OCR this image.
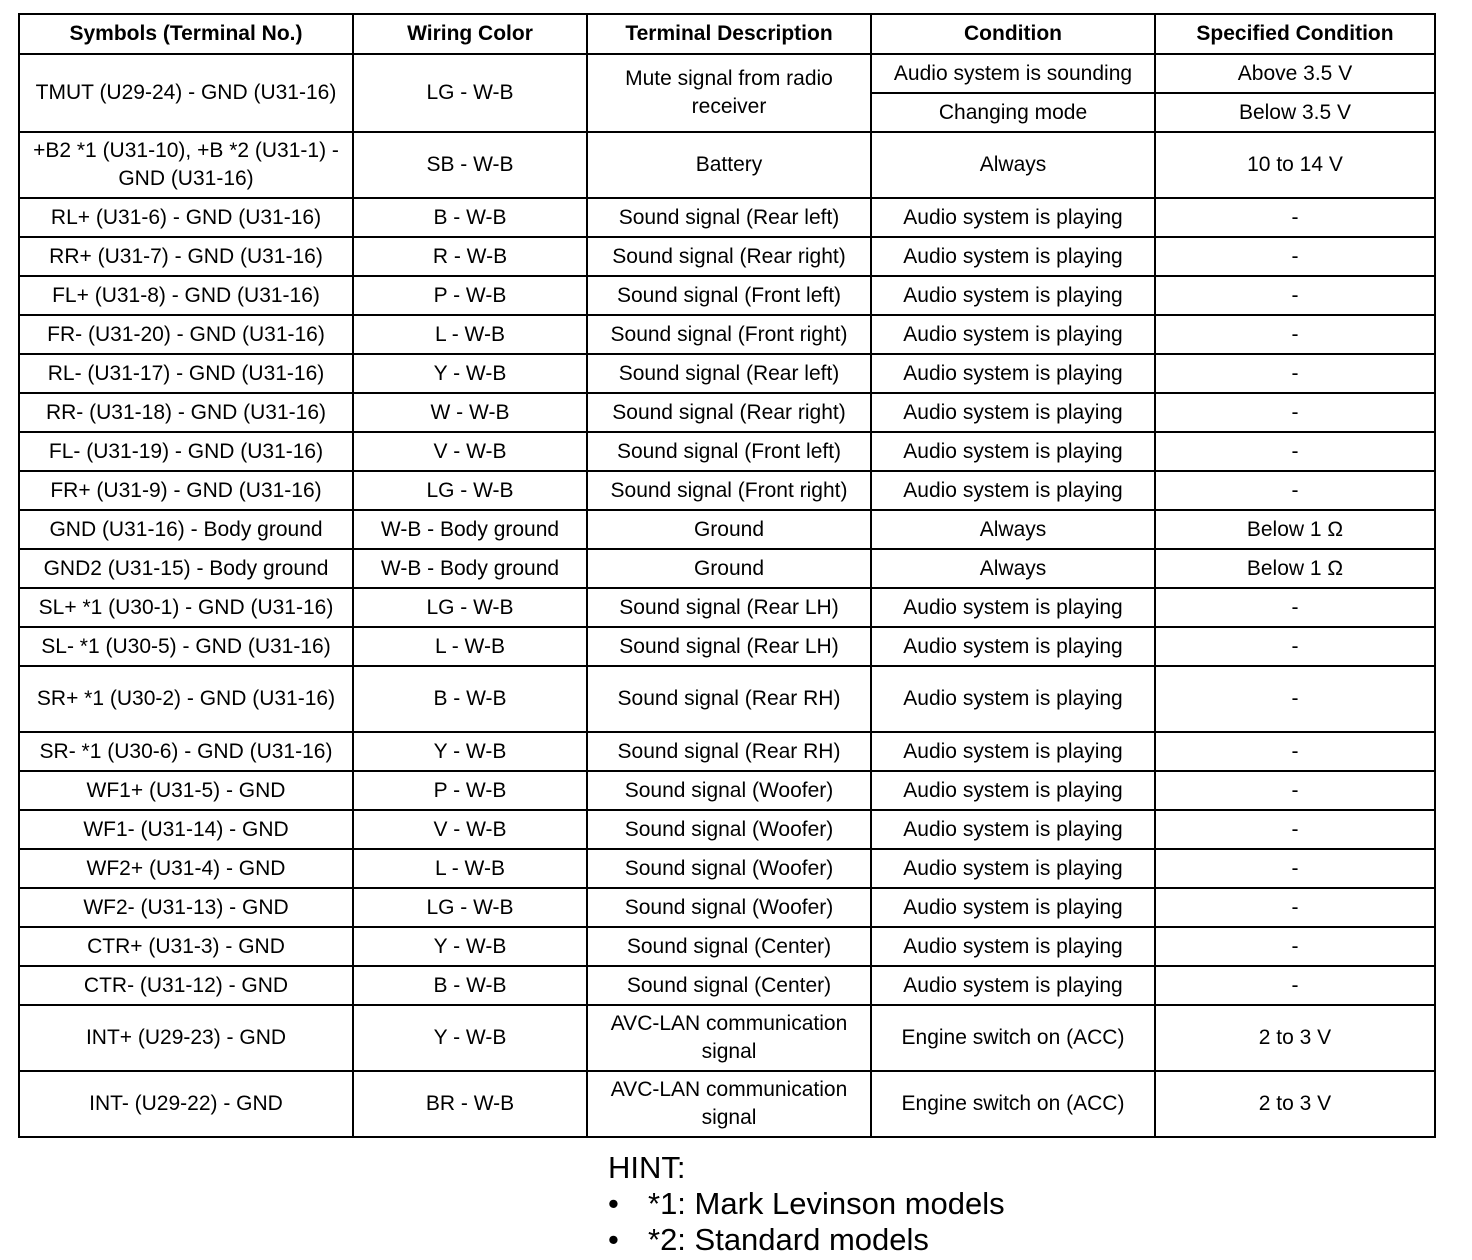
Symbols (Terminal No.)	Wiring Color	Terminal Description	Condition	Specified Condition
TMUT (U29-24) - GND (U31-16)	LG - W-B	Mute signal from radio receiver	Audio system is sounding	Above 3.5 V
			Changing mode	Below 3.5 V
+B2 *1 (U31-10), +B *2 (U31-1) - GND (U31-16)	SB - W-B	Battery	Always	10 to 14 V
RL+ (U31-6) - GND (U31-16)	B - W-B	Sound signal (Rear left)	Audio system is playing	-
RR+ (U31-7) - GND (U31-16)	R - W-B	Sound signal (Rear right)	Audio system is playing	-
FL+ (U31-8) - GND (U31-16)	P - W-B	Sound signal (Front left)	Audio system is playing	-
FR- (U31-20) - GND (U31-16)	L - W-B	Sound signal (Front right)	Audio system is playing	-
RL- (U31-17) - GND (U31-16)	Y - W-B	Sound signal (Rear left)	Audio system is playing	-
RR- (U31-18) - GND (U31-16)	W - W-B	Sound signal (Rear right)	Audio system is playing	-
FL- (U31-19) - GND (U31-16)	V - W-B	Sound signal (Front left)	Audio system is playing	-
FR+ (U31-9) - GND (U31-16)	LG - W-B	Sound signal (Front right)	Audio system is playing	-
GND (U31-16) - Body ground	W-B - Body ground	Ground	Always	Below 1 Ω
GND2 (U31-15) - Body ground	W-B - Body ground	Ground	Always	Below 1 Ω
SL+ *1 (U30-1) - GND (U31-16)	LG - W-B	Sound signal (Rear LH)	Audio system is playing	-
SL- *1 (U30-5) - GND (U31-16)	L - W-B	Sound signal (Rear LH)	Audio system is playing	-
SR+ *1 (U30-2) - GND (U31-16)	B - W-B	Sound signal (Rear RH)	Audio system is playing	-
SR- *1 (U30-6) - GND (U31-16)	Y - W-B	Sound signal (Rear RH)	Audio system is playing	-
WF1+ (U31-5) - GND	P - W-B	Sound signal (Woofer)	Audio system is playing	-
WF1- (U31-14) - GND	V - W-B	Sound signal (Woofer)	Audio system is playing	-
WF2+ (U31-4) - GND	L - W-B	Sound signal (Woofer)	Audio system is playing	-
WF2- (U31-13) - GND	LG - W-B	Sound signal (Woofer)	Audio system is playing	-
CTR+ (U31-3) - GND	Y - W-B	Sound signal (Center)	Audio system is playing	-
CTR- (U31-12) - GND	B - W-B	Sound signal (Center)	Audio system is playing	-
INT+ (U29-23) - GND	Y - W-B	AVC-LAN communication signal	Engine switch on (ACC)	2 to 3 V
INT- (U29-22) - GND	BR - W-B	AVC-LAN communication signal	Engine switch on (ACC)	2 to 3 V
HINT:
• *1: Mark Levinson models
• *2: Standard models
